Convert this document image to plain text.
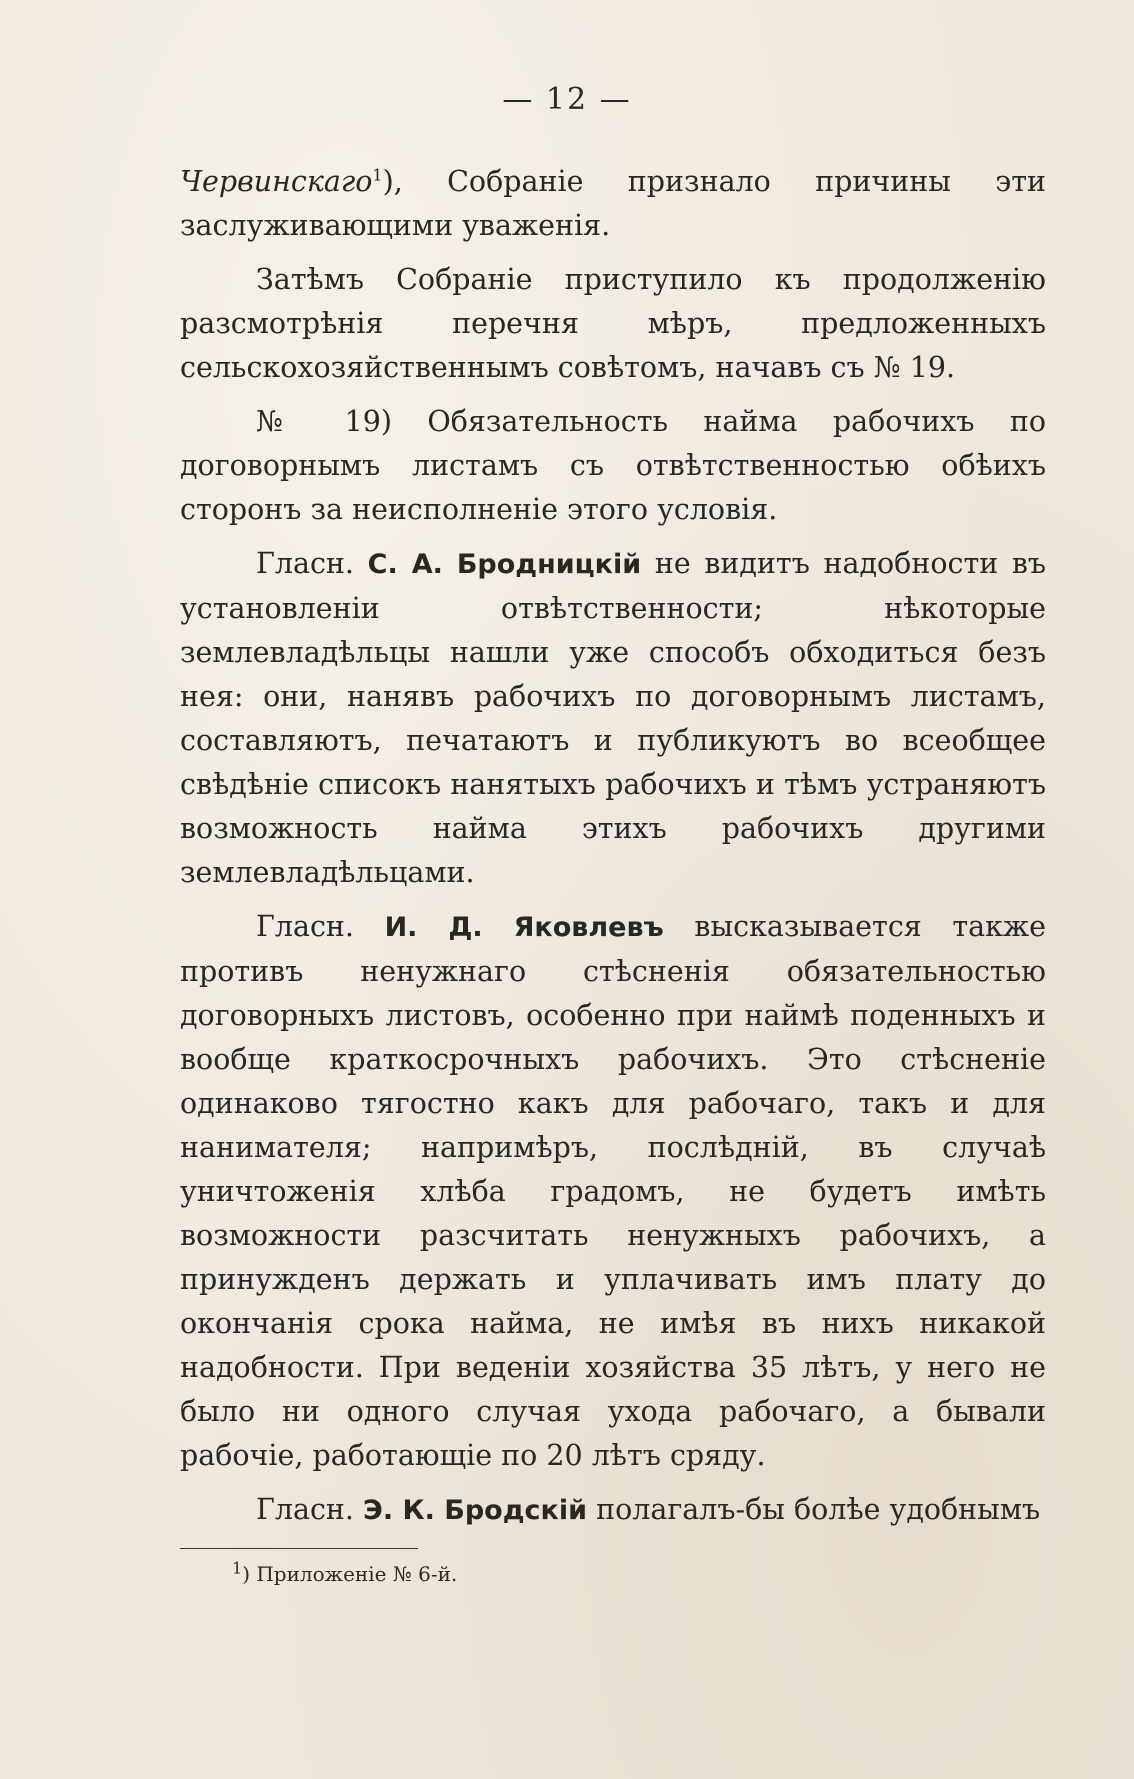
— 12 —

Червинскаго$^1$), Собраніе признало причины эти заслуживающими уваженія.

Затѣмъ Собраніе приступило къ продолженію разсмотрѣнія перечня мѣръ, предложенныхъ сельскохозяйственнымъ совѣтомъ, начавъ съ № 19.

№ 19) Обязательность найма рабочихъ по договорнымъ листамъ съ отвѣтственностью обѣихъ сторонъ за неисполненіе этого условія.

Гласн. С. А. Бродницкій не видитъ надобности въ установленіи отвѣтственности; нѣкоторые землевладѣльцы нашли уже способъ обходиться безъ нея: они, нанявъ рабочихъ по договорнымъ листамъ, составляютъ, печатаютъ и публикуютъ во всеобщее свѣдѣніе списокъ нанятыхъ рабочихъ и тѣмъ устраняютъ возможность найма этихъ рабочихъ другими землевладѣльцами.

Гласн. И. Д. Яковлевъ высказывается также противъ ненужнаго стѣсненія обязательностью договорныхъ листовъ, особенно при наймѣ поденныхъ и вообще краткосрочныхъ рабочихъ. Это стѣсненіе одинаково тягостно какъ для рабочаго, такъ и для нанимателя; напримѣръ, послѣдній, въ случаѣ уничтоженія хлѣба градомъ, не будетъ имѣть возможности разсчитать ненужныхъ рабочихъ, а принужденъ держать и уплачивать имъ плату до окончанія срока найма, не имѣя въ нихъ никакой надобности. При веденіи хозяйства 35 лѣтъ, у него не было ни одного случая ухода рабочаго, а бывали рабочіе, работающіе по 20 лѣтъ сряду.

Гласн. Э. К. Бродскій полагалъ-бы болѣе удобнымъ

$^1$) Приложеніе № 6-й.
